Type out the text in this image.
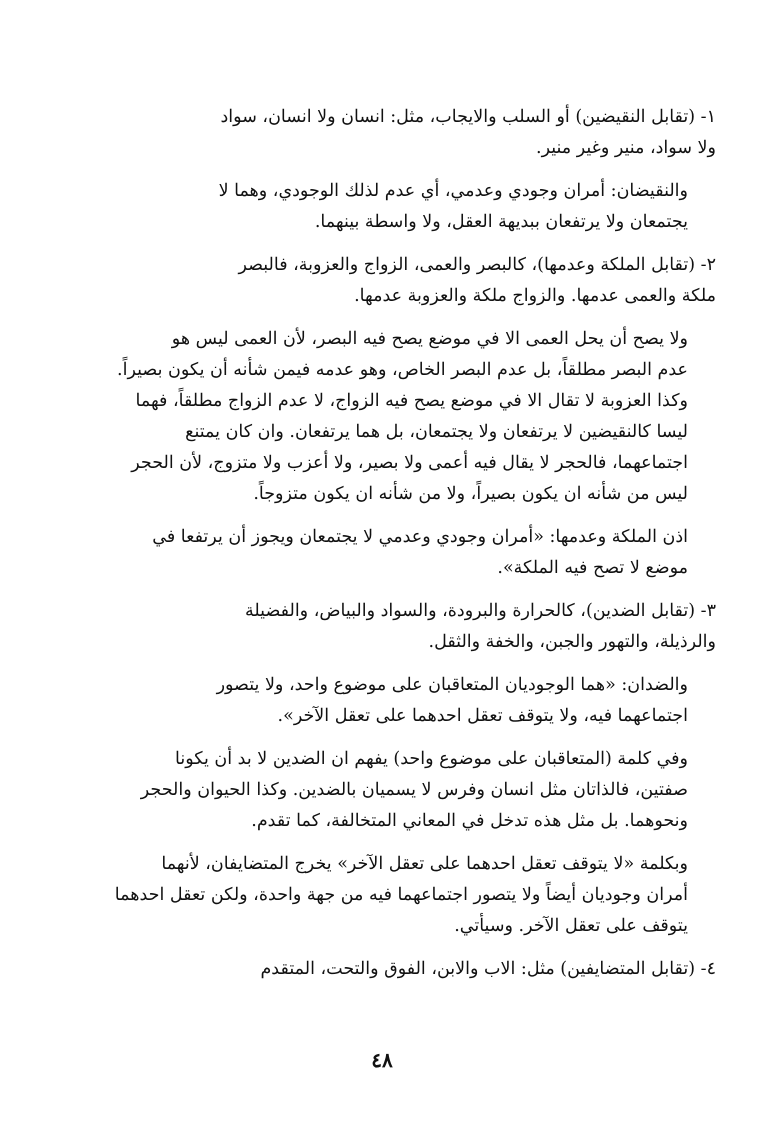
١- (تقابل النقيضين) أو السلب والايجاب، مثل: انسان ولا انسان، سواد
ولا سواد، منير وغير منير.

والنقيضان: أمران وجودي وعدمي، أي عدم لذلك الوجودي، وهما لا
يجتمعان ولا يرتفعان ببديهة العقل، ولا واسطة بينهما.

٢- (تقابل الملكة وعدمها)، كالبصر والعمى، الزواج والعزوبة، فالبصر
ملكة والعمى عدمها. والزواج ملكة والعزوبة عدمها.

ولا يصح أن يحل العمى الا في موضع يصح فيه البصر، لأن العمى ليس هو
عدم البصر مطلقاً، بل عدم البصر الخاص، وهو عدمه فيمن شأنه أن يكون بصيراً.
وكذا العزوبة لا تقال الا في موضع يصح فيه الزواج، لا عدم الزواج مطلقاً، فهما
ليسا كالنقيضين لا يرتفعان ولا يجتمعان، بل هما يرتفعان. وان كان يمتنع
اجتماعهما، فالحجر لا يقال فيه أعمى ولا بصير، ولا أعزب ولا متزوج، لأن الحجر
ليس من شأنه ان يكون بصيراً، ولا من شأنه ان يكون متزوجاً.

اذن الملكة وعدمها: «أمران وجودي وعدمي لا يجتمعان ويجوز أن يرتفعا في
موضع لا تصح فيه الملكة».

٣- (تقابل الضدين)، كالحرارة والبرودة، والسواد والبياض، والفضيلة
والرذيلة، والتهور والجبن، والخفة والثقل.

والضدان: «هما الوجوديان المتعاقبان على موضوع واحد، ولا يتصور
اجتماعهما فيه، ولا يتوقف تعقل احدهما على تعقل الآخر».

وفي كلمة (المتعاقبان على موضوع واحد) يفهم ان الضدين لا بد أن يكونا
صفتين، فالذاتان مثل انسان وفرس لا يسميان بالضدين. وكذا الحيوان والحجر
ونحوهما. بل مثل هذه تدخل في المعاني المتخالفة، كما تقدم.

وبكلمة «لا يتوقف تعقل احدهما على تعقل الآخر» يخرج المتضايفان، لأنهما
أمران وجوديان أيضاً ولا يتصور اجتماعهما فيه من جهة واحدة، ولكن تعقل احدهما
يتوقف على تعقل الآخر. وسيأتي.

٤- (تقابل المتضايفين) مثل: الاب والابن، الفوق والتحت، المتقدم

٤٨
